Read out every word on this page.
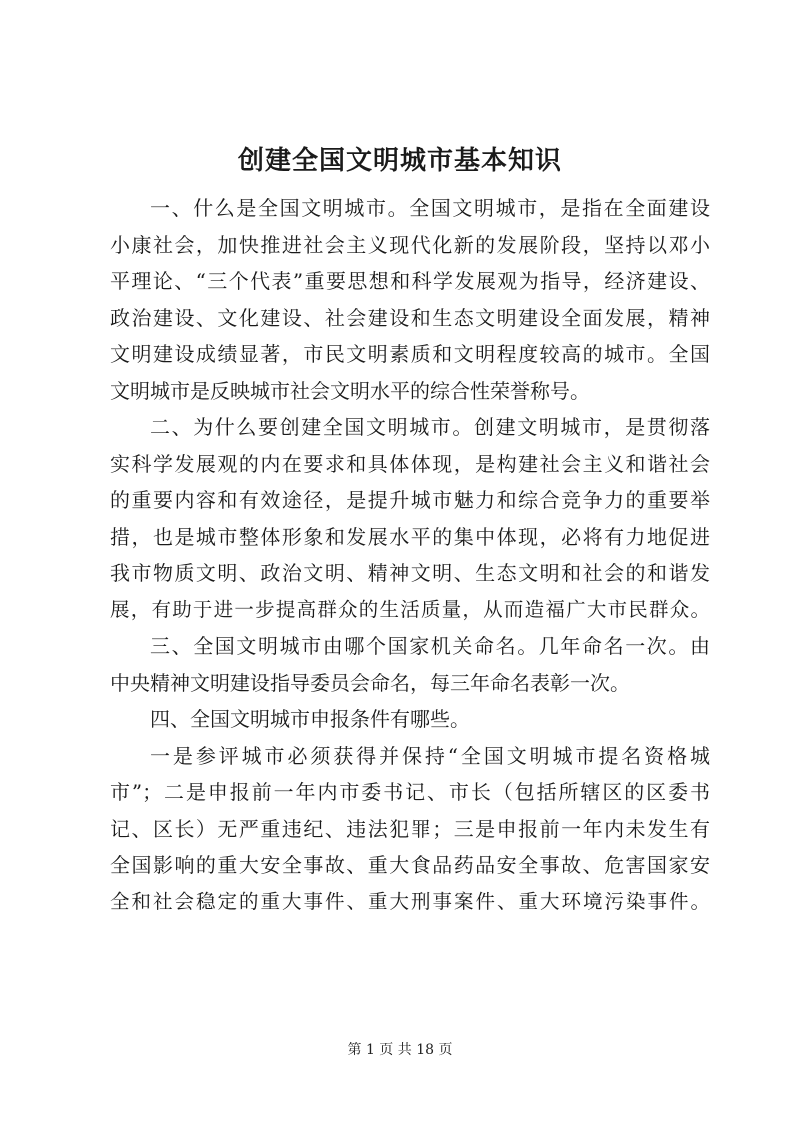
创建全国文明城市基本知识
一、什么是全国文明城市。全国文明城市，是指在全面建设
小康社会，加快推进社会主义现代化新的发展阶段，坚持以邓小
平理论、“三个代表”重要思想和科学发展观为指导，经济建设、
政治建设、文化建设、社会建设和生态文明建设全面发展，精神
文明建设成绩显著，市民文明素质和文明程度较高的城市。全国
文明城市是反映城市社会文明水平的综合性荣誉称号。
二、为什么要创建全国文明城市。创建文明城市，是贯彻落
实科学发展观的内在要求和具体体现，是构建社会主义和谐社会
的重要内容和有效途径，是提升城市魅力和综合竞争力的重要举
措，也是城市整体形象和发展水平的集中体现，必将有力地促进
我市物质文明、政治文明、精神文明、生态文明和社会的和谐发
展，有助于进一步提高群众的生活质量，从而造福广大市民群众。
三、全国文明城市由哪个国家机关命名。几年命名一次。由
中央精神文明建设指导委员会命名，每三年命名表彰一次。
四、全国文明城市申报条件有哪些。
一是参评城市必须获得并保持“全国文明城市提名资格城
市”；二是申报前一年内市委书记、市长（包括所辖区的区委书
记、区长）无严重违纪、违法犯罪；三是申报前一年内未发生有
全国影响的重大安全事故、重大食品药品安全事故、危害国家安
全和社会稳定的重大事件、重大刑事案件、重大环境污染事件。
第 1 页 共 18 页
